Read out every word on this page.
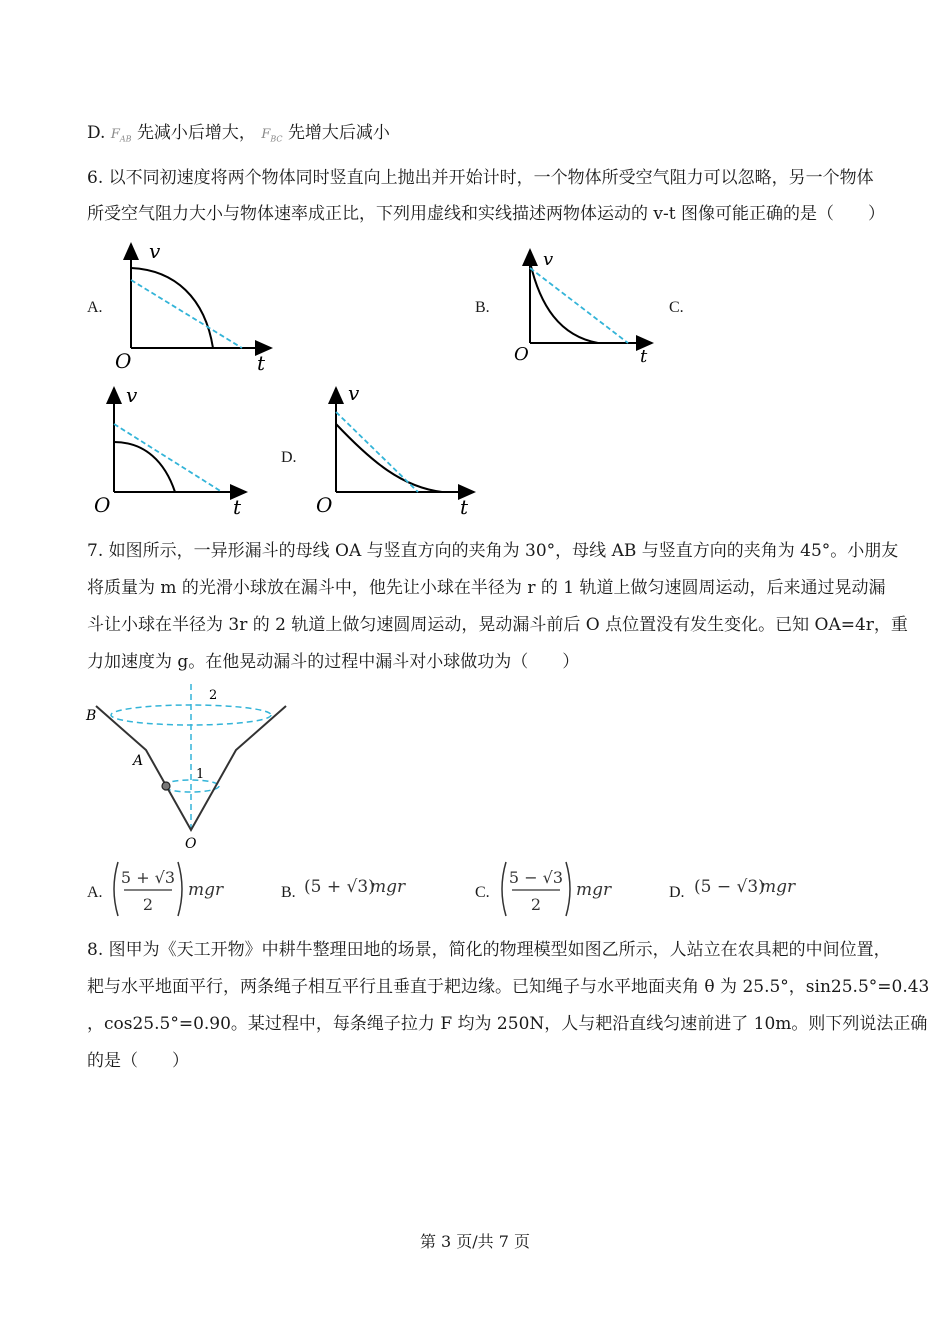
D. $F_{AB}$ 先减小后增大， $F_{BC}$ 先增大后减小
6. 以不同初速度将两个物体同时竖直向上抛出并开始计时，一个物体所受空气阻力可以忽略，另一个物体
所受空气阻力大小与物体速率成正比，下列用虚线和实线描述两物体运动的 v-t 图像可能正确的是（　　）
A.	B.	C.
D.
v
t
O
v
t
O
v
t
O
v
t
O
7. 如图所示，一异形漏斗的母线 OA 与竖直方向的夹角为 30°，母线 AB 与竖直方向的夹角为 45°。小朋友
将质量为 m 的光滑小球放在漏斗中，他先让小球在半径为 r 的 1 轨道上做匀速圆周运动，后来通过晃动漏
斗让小球在半径为 3r 的 2 轨道上做匀速圆周运动，晃动漏斗前后 O 点位置没有发生变化。已知 OA=4r，重
力加速度为 g。在他晃动漏斗的过程中漏斗对小球做功为（　　）
B
A
O
1
2
A.
5 + √3
2
mgr	B. (5 + √3)
mgr	C.
5 − √3
2
mgr	D. (5 − √3)
mgr
8. 图甲为《天工开物》中耕牛整理田地的场景，简化的物理模型如图乙所示，人站立在农具耙的中间位置，
耙与水平地面平行，两条绳子相互平行且垂直于耙边缘。已知绳子与水平地面夹角 θ 为 25.5°，sin25.5°=0.43
，cos25.5°=0.90。某过程中，每条绳子拉力 F 均为 250N，人与耙沿直线匀速前进了 10m。则下列说法正确
的是（　　）
第 3 页/共 7 页
